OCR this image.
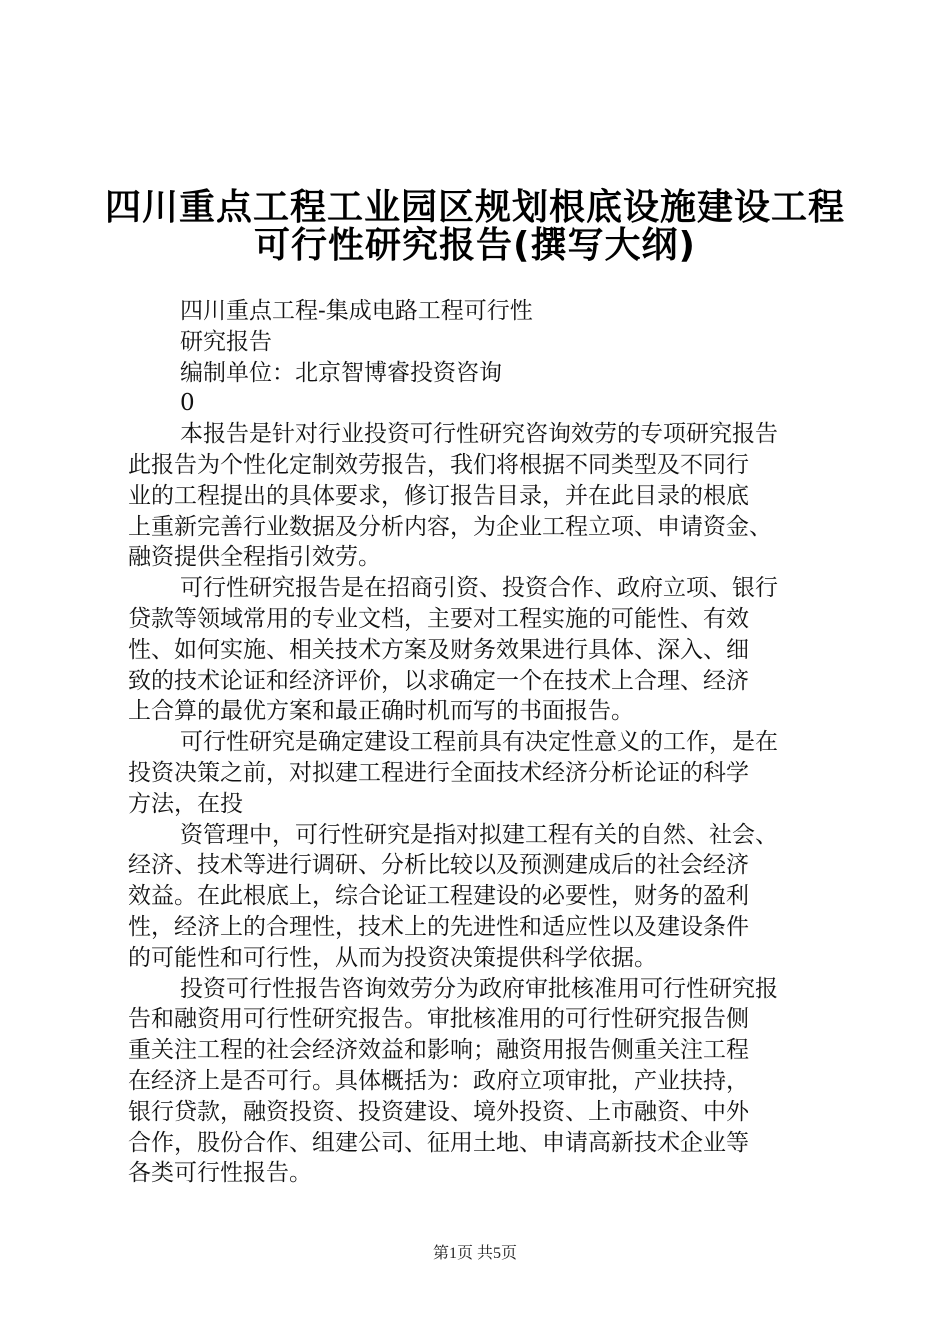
四川重点工程工业园区规划根底设施建设工程
可行性研究报告(撰写大纲)
四川重点工程-集成电路工程可行性
研究报告
编制单位：北京智博睿投资咨询
0
本报告是针对行业投资可行性研究咨询效劳的专项研究报告
此报告为个性化定制效劳报告，我们将根据不同类型及不同行
业的工程提出的具体要求，修订报告目录，并在此目录的根底
上重新完善行业数据及分析内容，为企业工程立项、申请资金、
融资提供全程指引效劳。
可行性研究报告是在招商引资、投资合作、政府立项、银行
贷款等领域常用的专业文档，主要对工程实施的可能性、有效
性、如何实施、相关技术方案及财务效果进行具体、深入、细
致的技术论证和经济评价，以求确定一个在技术上合理、经济
上合算的最优方案和最正确时机而写的书面报告。
可行性研究是确定建设工程前具有决定性意义的工作，是在
投资决策之前，对拟建工程进行全面技术经济分析论证的科学
方法，在投
资管理中，可行性研究是指对拟建工程有关的自然、社会、
经济、技术等进行调研、分析比较以及预测建成后的社会经济
效益。在此根底上，综合论证工程建设的必要性，财务的盈利
性，经济上的合理性，技术上的先进性和适应性以及建设条件
的可能性和可行性，从而为投资决策提供科学依据。
投资可行性报告咨询效劳分为政府审批核准用可行性研究报
告和融资用可行性研究报告。审批核准用的可行性研究报告侧
重关注工程的社会经济效益和影响；融资用报告侧重关注工程
在经济上是否可行。具体概括为：政府立项审批，产业扶持，
银行贷款，融资投资、投资建设、境外投资、上市融资、中外
合作，股份合作、组建公司、征用土地、申请高新技术企业等
各类可行性报告。
第1页 共5页
